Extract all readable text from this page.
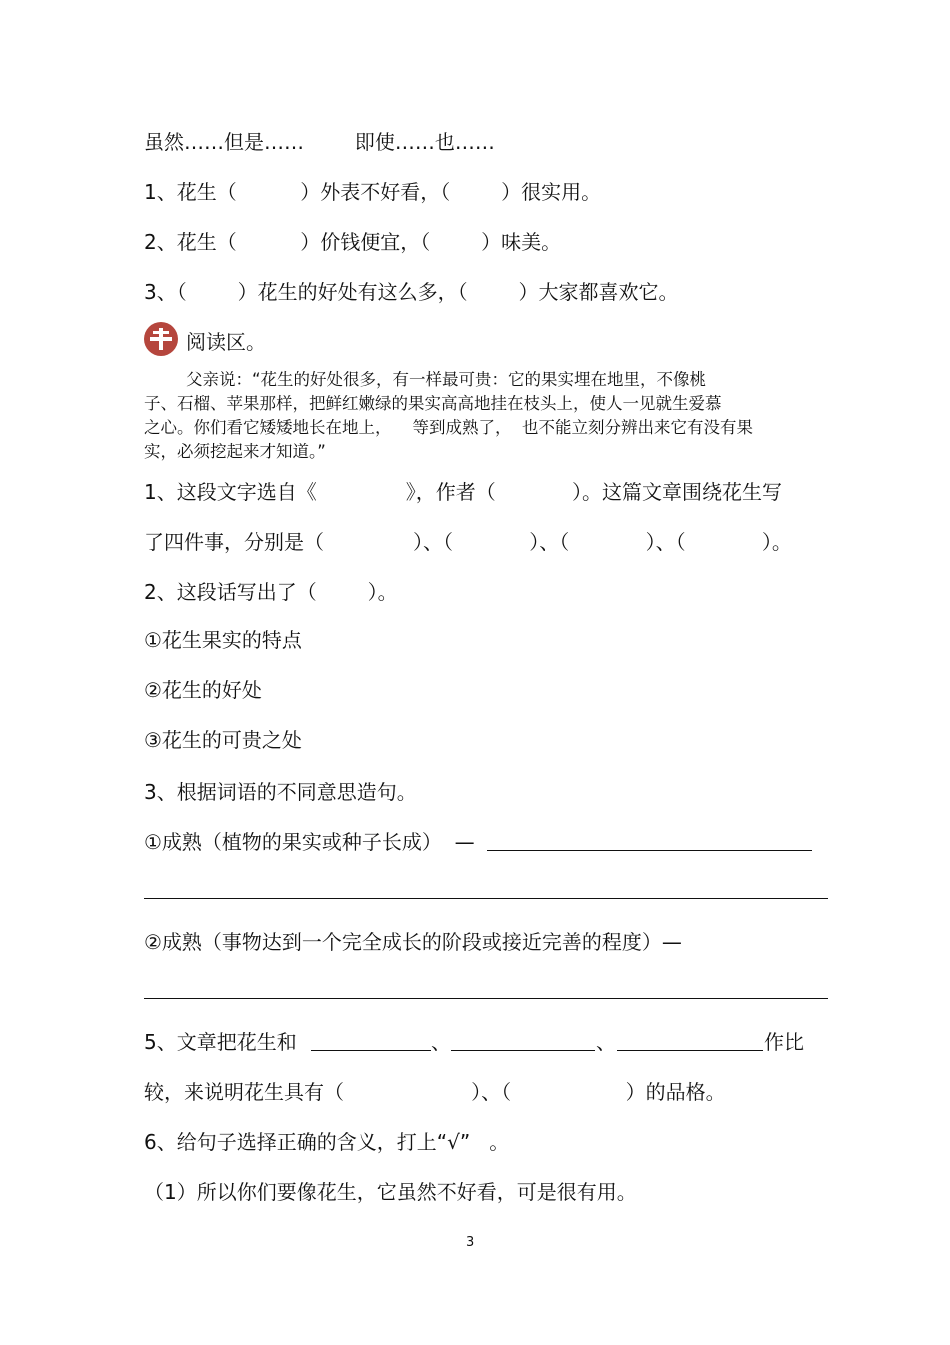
虽然……但是……        即使……也……
1、花生（          ）外表不好看，（        ）很实用。
2、花生（          ）价钱便宜，（        ）味美。
3、（        ）花生的好处有这么多，（        ）大家都喜欢它。
阅读区。
父亲说：“花生的好处很多，有一样最可贵：它的果实埋在地里，不像桃
子、石榴、苹果那样，把鲜红嫩绿的果实高高地挂在枝头上，使人一见就生爱慕
之心。你们看它矮矮地长在地上，    等到成熟了，  也不能立刻分辨出来它有没有果
实，必须挖起来才知道。”
1、这段文字选自《              》，作者（            ）。这篇文章围绕花生写
了四件事，分别是（              ）、（            ）、（            ）、（            ）。
2、这段话写出了（        ）。
①花生果实的特点
②花生的好处
③花生的可贵之处
3、根据词语的不同意思造句。
①成熟（植物的果实或种子长成）  —
②成熟（事物达到一个完全成长的阶段或接近完善的程度）—
5、文章把花生和	、	、	作比
较，来说明花生具有（                    ）、（                  ）的品格。
6、给句子选择正确的含义，打上“√”   。
（1）所以你们要像花生，它虽然不好看，可是很有用。
3
